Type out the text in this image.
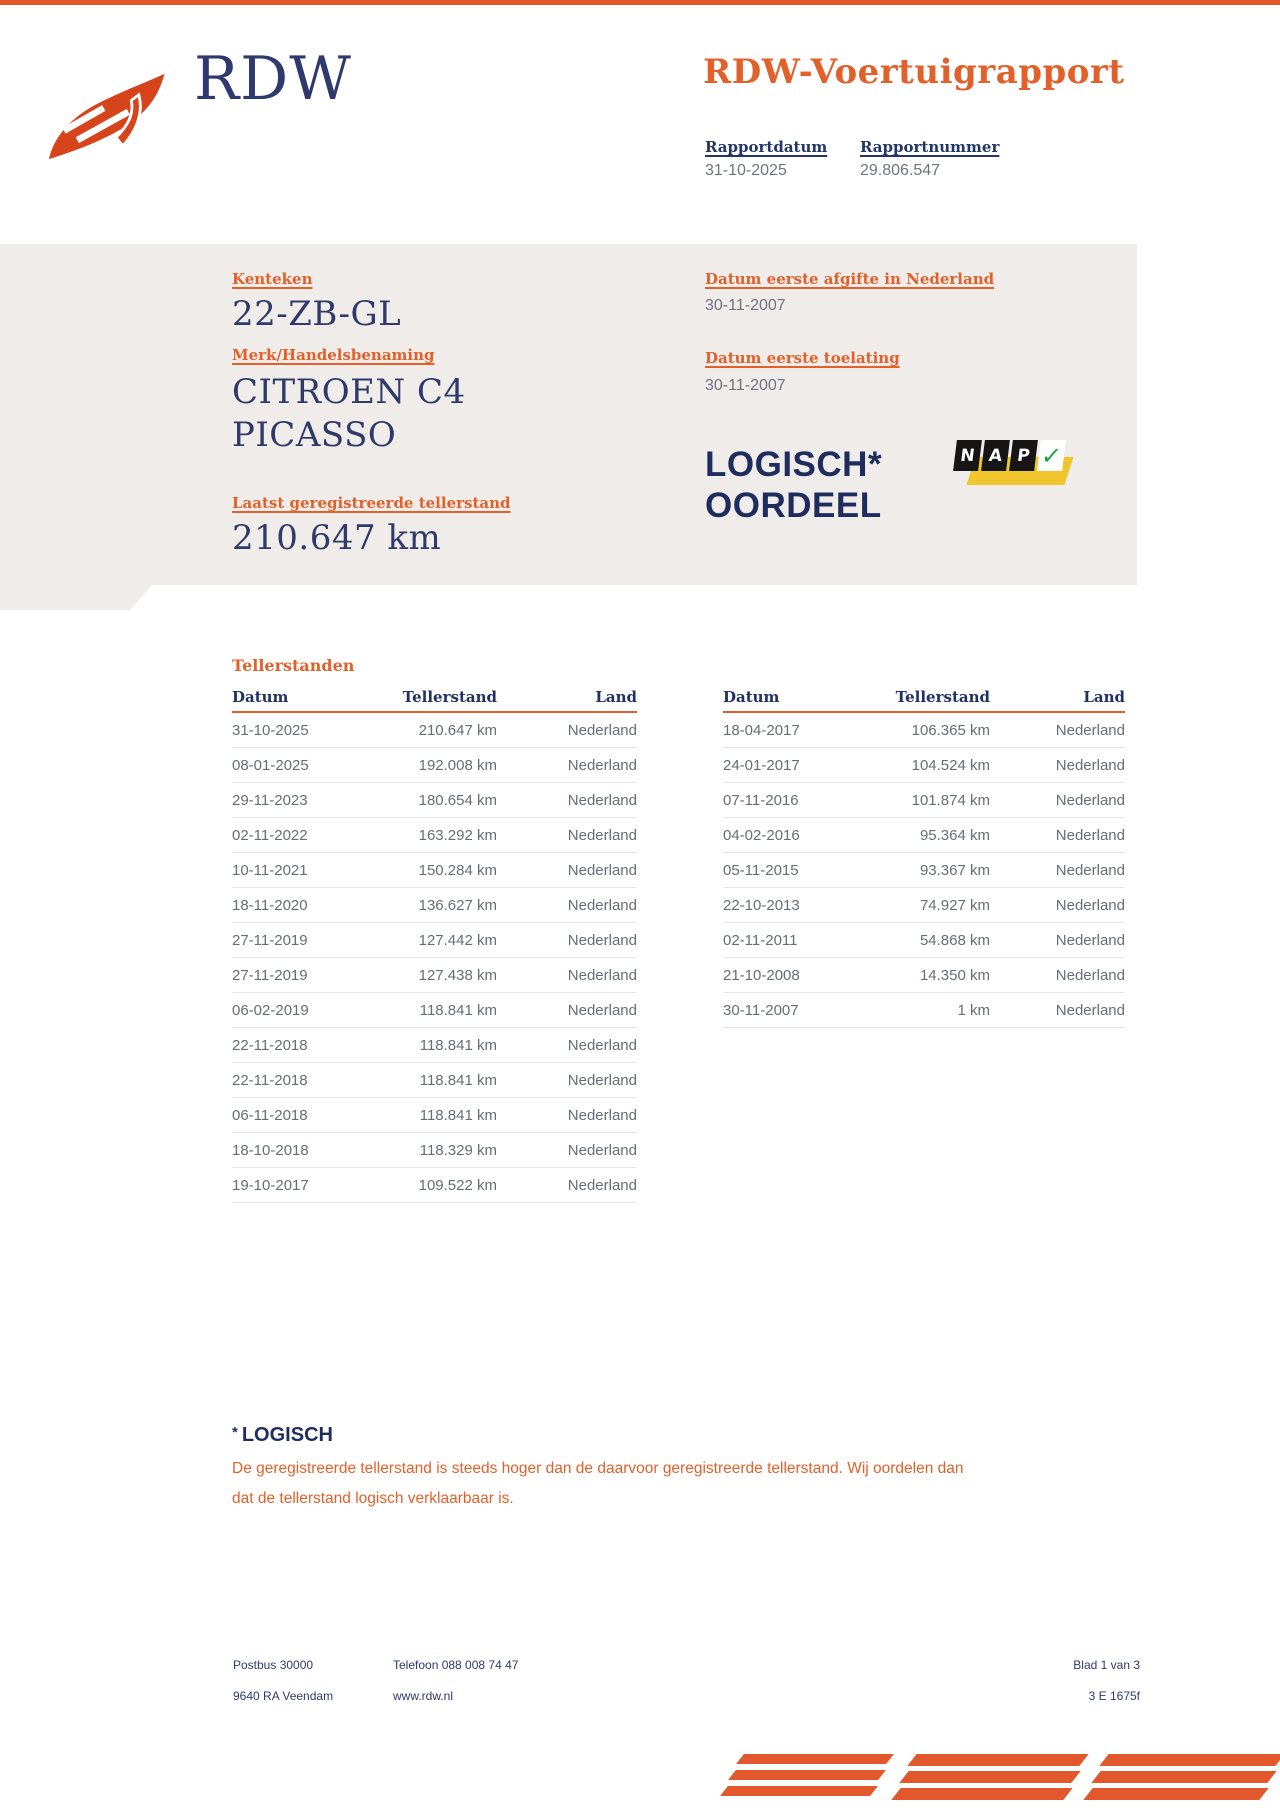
RDW	RDW-Voertuigrapport
Rapportdatum
31-10-2025
Rapportnummer
29.806.547
Kenteken
22-ZB-GL
Merk/Handelsbenaming
CITROEN C4
PICASSO
Laatst geregistreerde tellerstand
210.647 km
Datum eerste afgifte in Nederland
30-11-2007
Datum eerste toelating
30-11-2007
LOGISCH*
OORDEEL
N A P ✓
Tellerstanden
Datum	Tellerstand	Land
31-10-2025	210.647 km	Nederland
08-01-2025	192.008 km	Nederland
29-11-2023	180.654 km	Nederland
02-11-2022	163.292 km	Nederland
10-11-2021	150.284 km	Nederland
18-11-2020	136.627 km	Nederland
27-11-2019	127.442 km	Nederland
27-11-2019	127.438 km	Nederland
06-02-2019	118.841 km	Nederland
22-11-2018	118.841 km	Nederland
22-11-2018	118.841 km	Nederland
06-11-2018	118.841 km	Nederland
18-10-2018	118.329 km	Nederland
19-10-2017	109.522 km	Nederland
Datum	Tellerstand	Land
18-04-2017	106.365 km	Nederland
24-01-2017	104.524 km	Nederland
07-11-2016	101.874 km	Nederland
04-02-2016	95.364 km	Nederland
05-11-2015	93.367 km	Nederland
22-10-2013	74.927 km	Nederland
02-11-2011	54.868 km	Nederland
21-10-2008	14.350 km	Nederland
30-11-2007	1 km	Nederland
* LOGISCH
De geregistreerde tellerstand is steeds hoger dan de daarvoor geregistreerde tellerstand. Wij oordelen dan
dat de tellerstand logisch verklaarbaar is.
Postbus 30000
9640 RA Veendam
Telefoon 088 008 74 47
www.rdw.nl
Blad 1 van 3
3 E 1675f
